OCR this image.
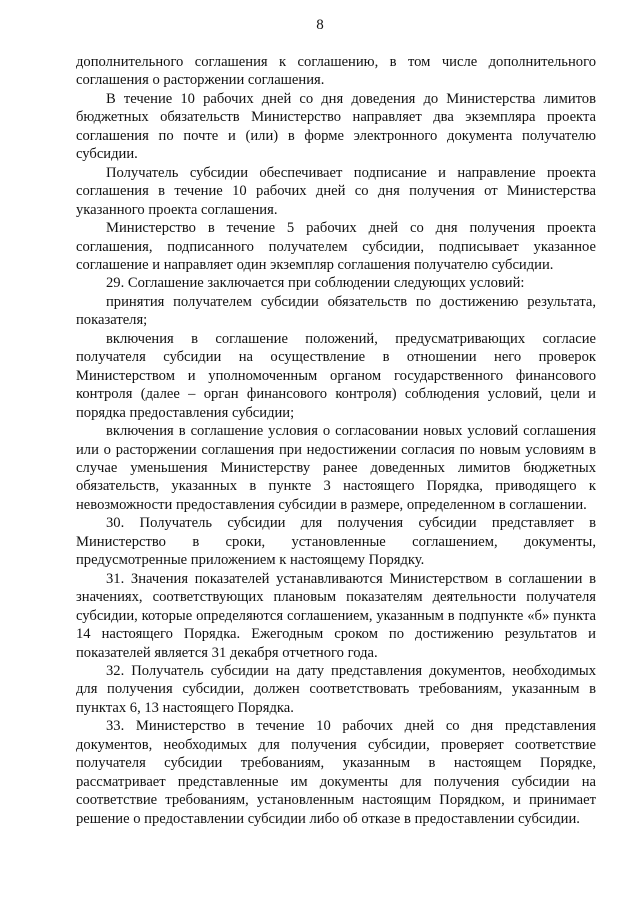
8

дополнительного соглашения к соглашению, в том числе дополнительного соглашения о расторжении соглашения.

В течение 10 рабочих дней со дня доведения до Министерства лимитов бюджетных обязательств Министерство направляет два экземпляра проекта соглашения по почте и (или) в форме электронного документа получателю субсидии.

Получатель субсидии обеспечивает подписание и направление проекта соглашения в течение 10 рабочих дней со дня получения от Министерства указанного проекта соглашения.

Министерство в течение 5 рабочих дней со дня получения проекта соглашения, подписанного получателем субсидии, подписывает указанное соглашение и направляет один экземпляр соглашения получателю субсидии.

29. Соглашение заключается при соблюдении следующих условий:

принятия получателем субсидии обязательств по достижению результата, показателя;

включения в соглашение положений, предусматривающих согласие получателя субсидии на осуществление в отношении него проверок Министерством и уполномоченным органом государственного финансового контроля (далее – орган финансового контроля) соблюдения условий, цели и порядка предоставления субсидии;

включения в соглашение условия о согласовании новых условий соглашения или о расторжении соглашения при недостижении согласия по новым условиям в случае уменьшения Министерству ранее доведенных лимитов бюджетных обязательств, указанных в пункте 3 настоящего Порядка, приводящего к невозможности предоставления субсидии в размере, определенном в соглашении.

30. Получатель субсидии для получения субсидии представляет в Министерство в сроки, установленные соглашением, документы, предусмотренные приложением к настоящему Порядку.

31. Значения показателей устанавливаются Министерством в соглашении в значениях, соответствующих плановым показателям деятельности получателя субсидии, которые определяются соглашением, указанным в подпункте «б» пункта 14 настоящего Порядка. Ежегодным сроком по достижению результатов и показателей является 31 декабря отчетного года.

32. Получатель субсидии на дату представления документов, необходимых для получения субсидии, должен соответствовать требованиям, указанным в пунктах 6, 13 настоящего Порядка.

33. Министерство в течение 10 рабочих дней со дня представления документов, необходимых для получения субсидии, проверяет соответствие получателя субсидии требованиям, указанным в настоящем Порядке, рассматривает представленные им документы для получения субсидии на соответствие требованиям, установленным настоящим Порядком, и принимает решение о предоставлении субсидии либо об отказе в предоставлении субсидии.
